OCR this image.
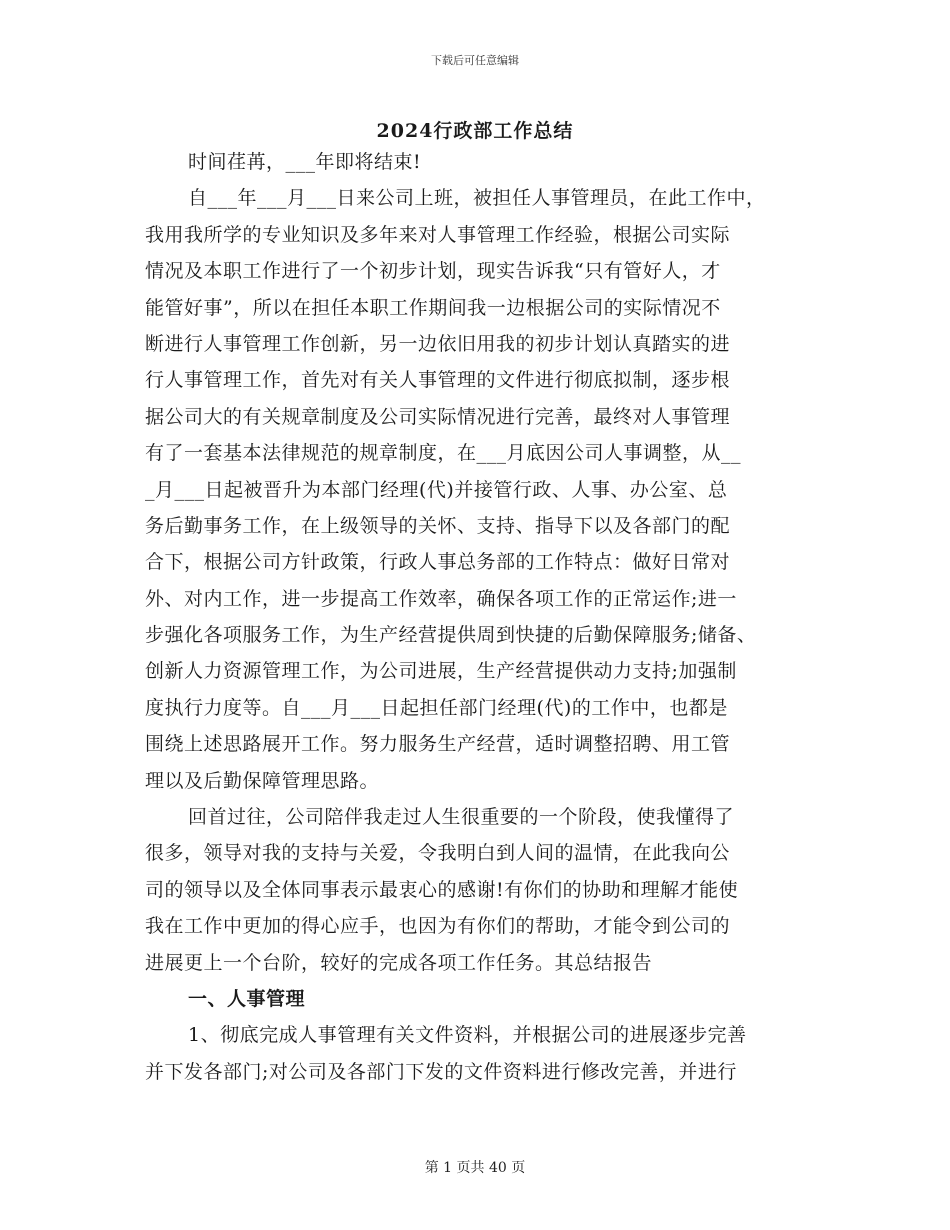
下载后可任意编辑
2024行政部工作总结
时间荏苒，___年即将结束!
自___年___月___日来公司上班，被担任人事管理员，在此工作中，
我用我所学的专业知识及多年来对人事管理工作经验，根据公司实际
情况及本职工作进行了一个初步计划，现实告诉我“只有管好人，才
能管好事”，所以在担任本职工作期间我一边根据公司的实际情况不
断进行人事管理工作创新，另一边依旧用我的初步计划认真踏实的进
行人事管理工作，首先对有关人事管理的文件进行彻底拟制，逐步根
据公司大的有关规章制度及公司实际情况进行完善，最终对人事管理
有了一套基本法律规范的规章制度，在___月底因公司人事调整，从__
_月___日起被晋升为本部门经理(代)并接管行政、人事、办公室、总
务后勤事务工作，在上级领导的关怀、支持、指导下以及各部门的配
合下，根据公司方针政策，行政人事总务部的工作特点：做好日常对
外、对内工作，进一步提高工作效率，确保各项工作的正常运作;进一
步强化各项服务工作，为生产经营提供周到快捷的后勤保障服务;储备、
创新人力资源管理工作，为公司进展，生产经营提供动力支持;加强制
度执行力度等。自___月___日起担任部门经理(代)的工作中，也都是
围绕上述思路展开工作。努力服务生产经营，适时调整招聘、用工管
理以及后勤保障管理思路。
回首过往，公司陪伴我走过人生很重要的一个阶段，使我懂得了
很多，领导对我的支持与关爱，令我明白到人间的温情，在此我向公
司的领导以及全体同事表示最衷心的感谢!有你们的协助和理解才能使
我在工作中更加的得心应手，也因为有你们的帮助，才能令到公司的
进展更上一个台阶，较好的完成各项工作任务。其总结报告
一、人事管理
1、彻底完成人事管理有关文件资料，并根据公司的进展逐步完善
并下发各部门;对公司及各部门下发的文件资料进行修改完善，并进行
第 1 页共 40 页
